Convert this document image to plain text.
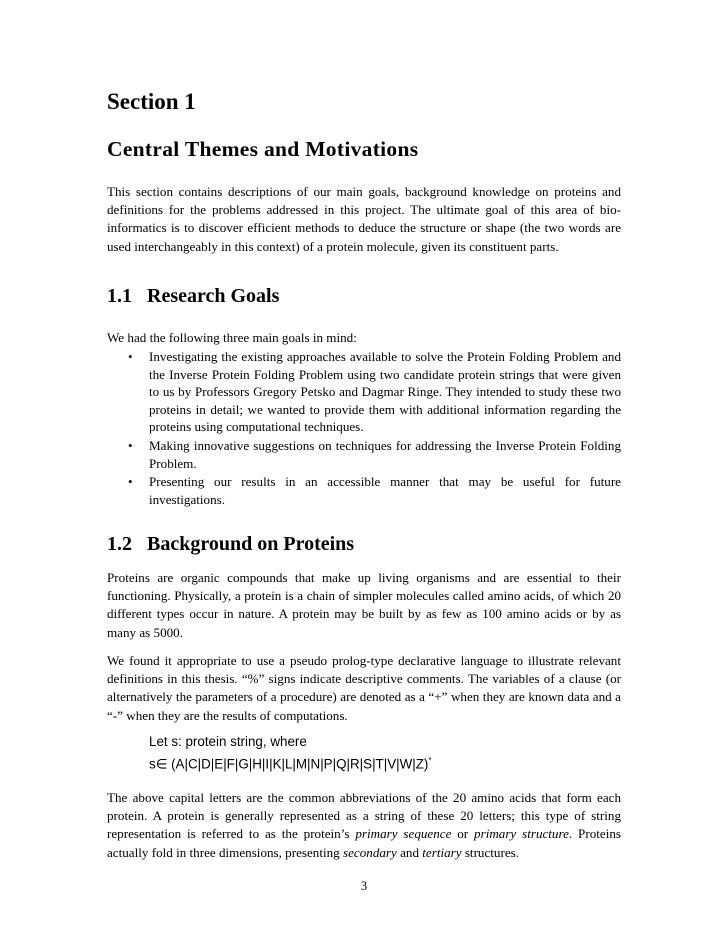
Section 1
Central Themes and Motivations

This section contains descriptions of our main goals, background knowledge on proteins and definitions for the problems addressed in this project. The ultimate goal of this area of bio-informatics is to discover efficient methods to deduce the structure or shape (the two words are used interchangeably in this context) of a protein molecule, given its constituent parts.

1.1 Research Goals

We had the following three main goals in mind:

• Investigating the existing approaches available to solve the Protein Folding Problem and the Inverse Protein Folding Problem using two candidate protein strings that were given to us by Professors Gregory Petsko and Dagmar Ringe. They intended to study these two proteins in detail; we wanted to provide them with additional information regarding the proteins using computational techniques.
• Making innovative suggestions on techniques for addressing the Inverse Protein Folding Problem.
• Presenting our results in an accessible manner that may be useful for future investigations.
1.2 Background on Proteins

Proteins are organic compounds that make up living organisms and are essential to their functioning. Physically, a protein is a chain of simpler molecules called amino acids, of which 20 different types occur in nature. A protein may be built by as few as 100 amino acids or by as many as 5000.

We found it appropriate to use a pseudo prolog-type declarative language to illustrate relevant definitions in this thesis. “%” signs indicate descriptive comments. The variables of a clause (or alternatively the parameters of a procedure) are denoted as a “+” when they are known data and a “-” when they are the results of computations.

Let s: protein string, where
s∈ (A|C|D|E|F|G|H|I|K|L|M|N|P|Q|R|S|T|V|W|Z)*

The above capital letters are the common abbreviations of the 20 amino acids that form each protein. A protein is generally represented as a string of these 20 letters; this type of string representation is referred to as the protein’s primary sequence or primary structure. Proteins actually fold in three dimensions, presenting secondary and tertiary structures.

3
